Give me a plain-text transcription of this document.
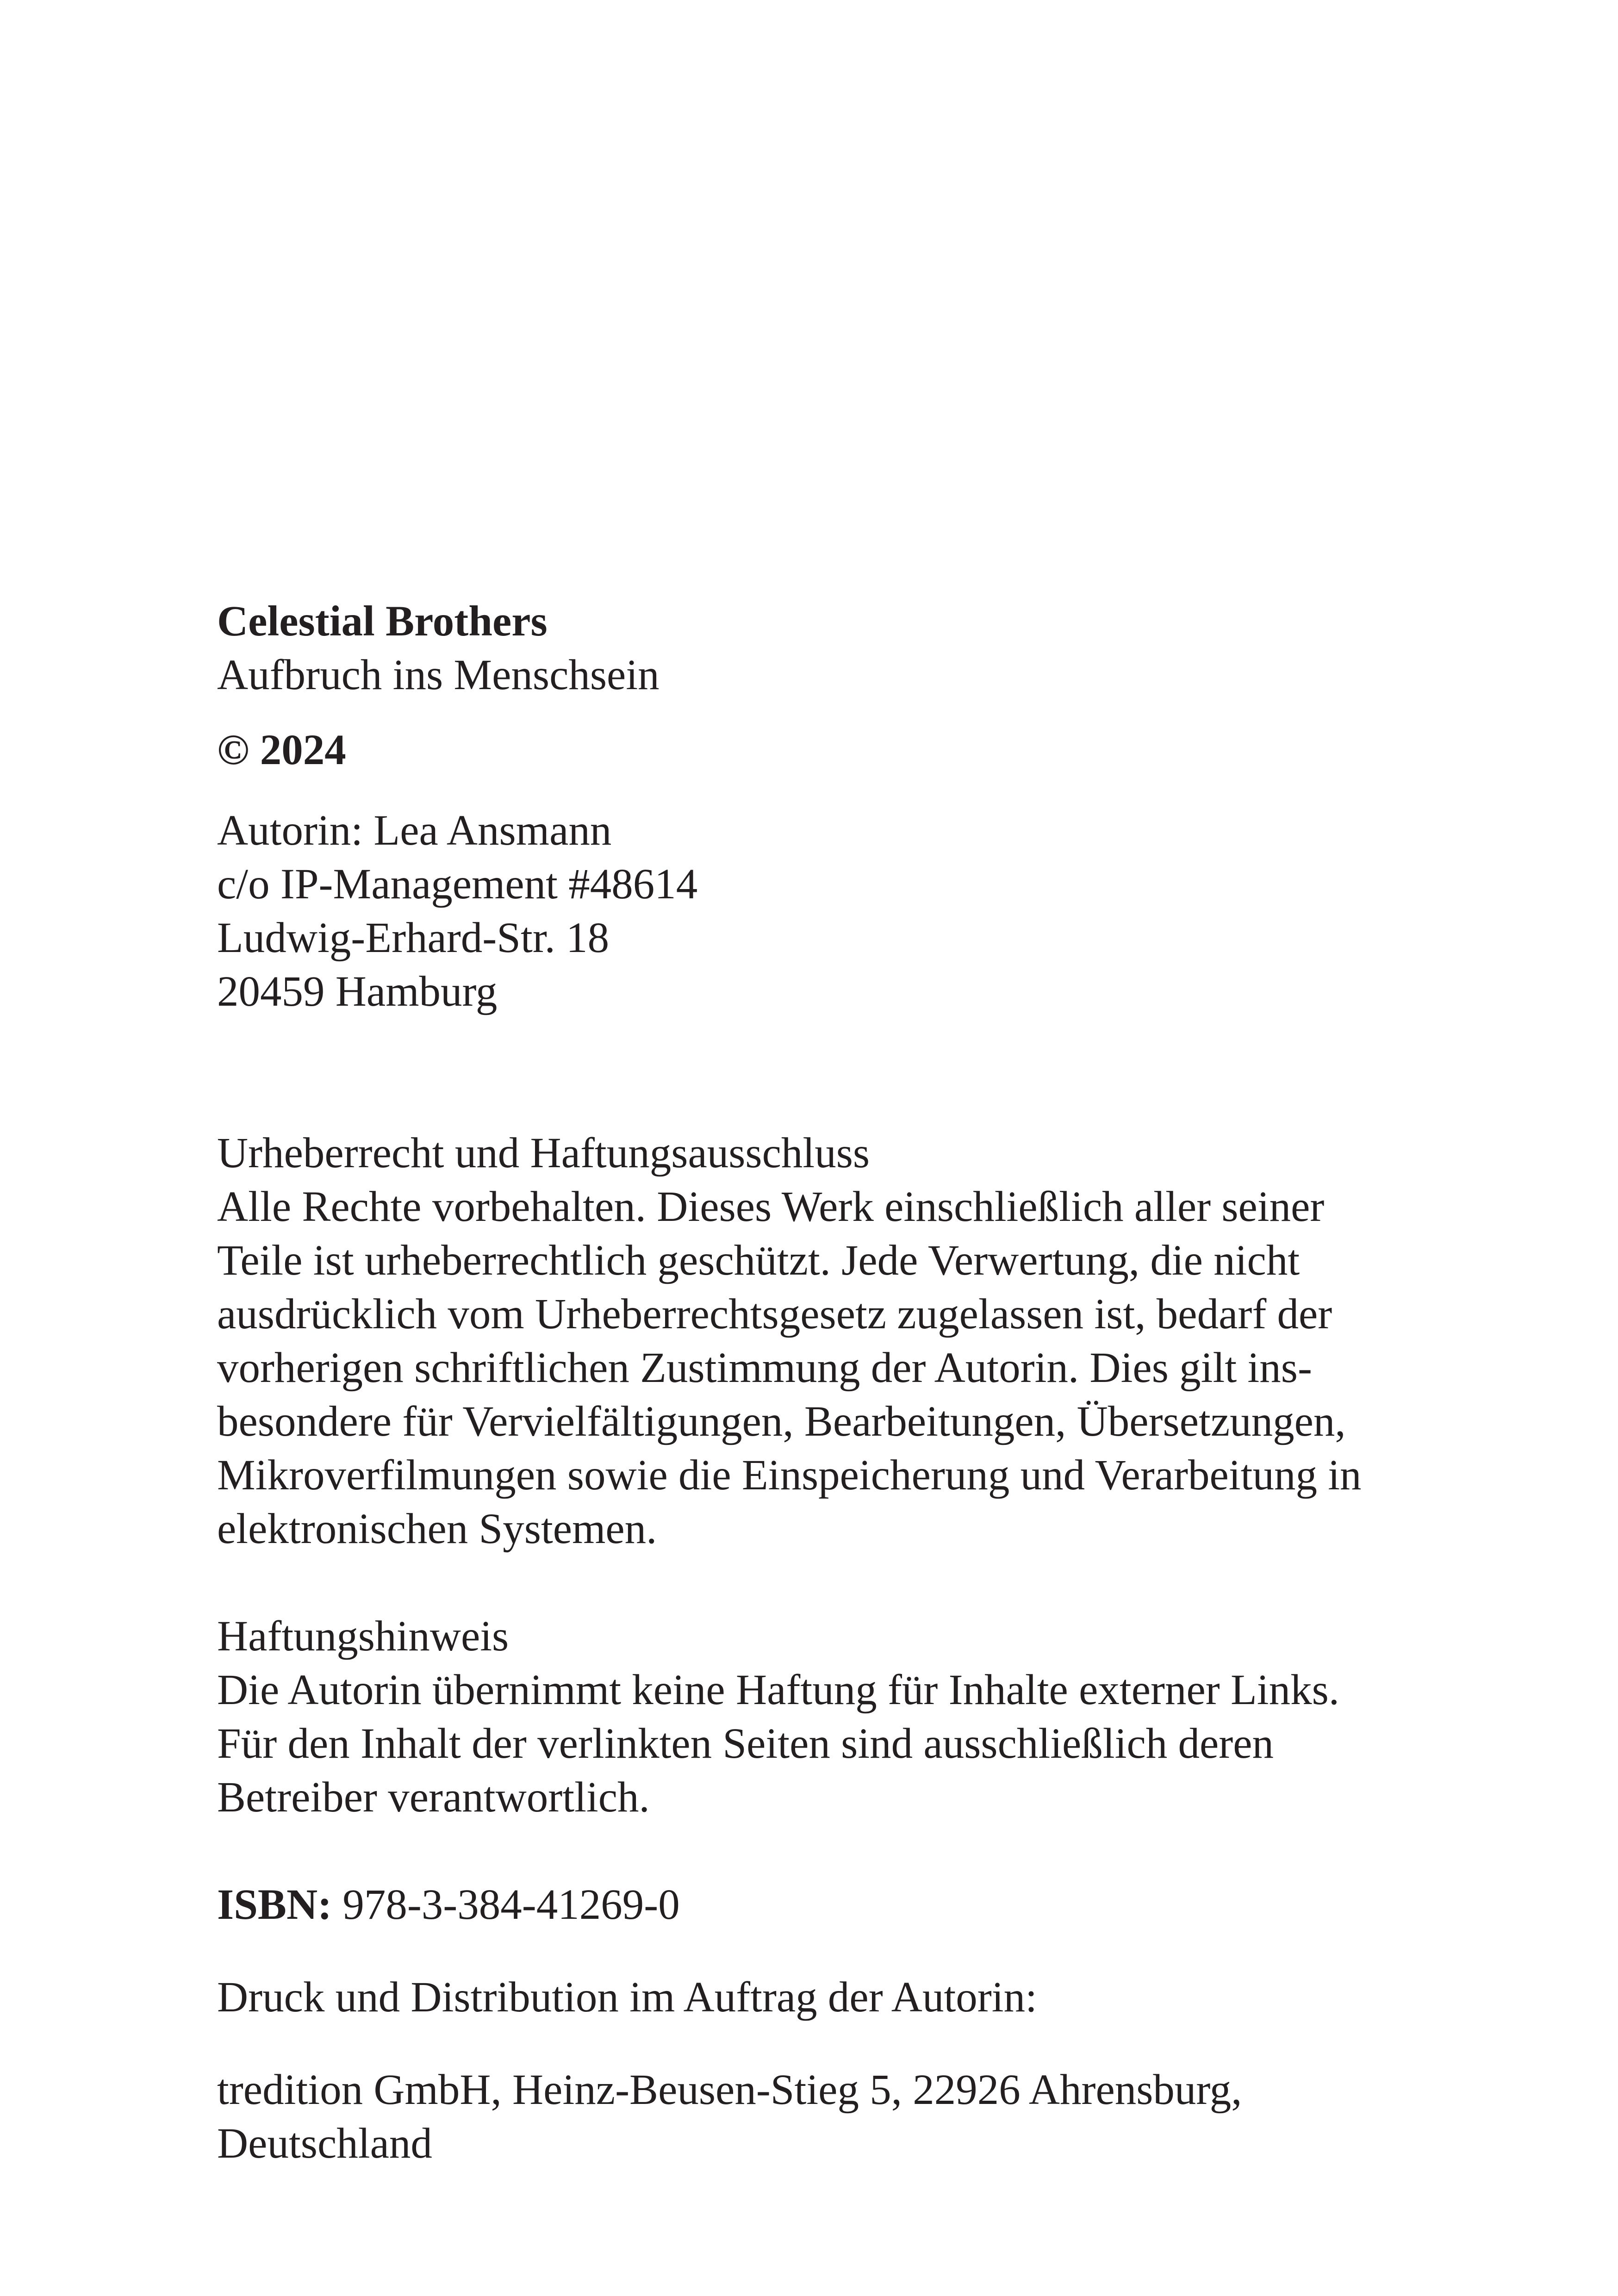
Celestial Brothers
Aufbruch ins Menschsein
© 2024
Autorin: Lea Ansmann
c/o IP-Management #48614
Ludwig-Erhard-Str. 18
20459 Hamburg
Urheberrecht und Haftungsausschluss
Alle Rechte vorbehalten. Dieses Werk einschließlich aller seiner
Teile ist urheberrechtlich geschützt. Jede Verwertung, die nicht
ausdrücklich vom Urheberrechtsgesetz zugelassen ist, bedarf der
vorherigen schriftlichen Zustimmung der Autorin. Dies gilt ins-
besondere für Vervielfältigungen, Bearbeitungen, Übersetzungen,
Mikroverfilmungen sowie die Einspeicherung und Verarbeitung in
elektronischen Systemen.
Haftungshinweis
Die Autorin übernimmt keine Haftung für Inhalte externer Links.
Für den Inhalt der verlinkten Seiten sind ausschließlich deren
Betreiber verantwortlich.
ISBN: 978-3-384-41269-0
Druck und Distribution im Auftrag der Autorin:
tredition GmbH, Heinz-Beusen-Stieg 5, 22926 Ahrensburg,
Deutschland
